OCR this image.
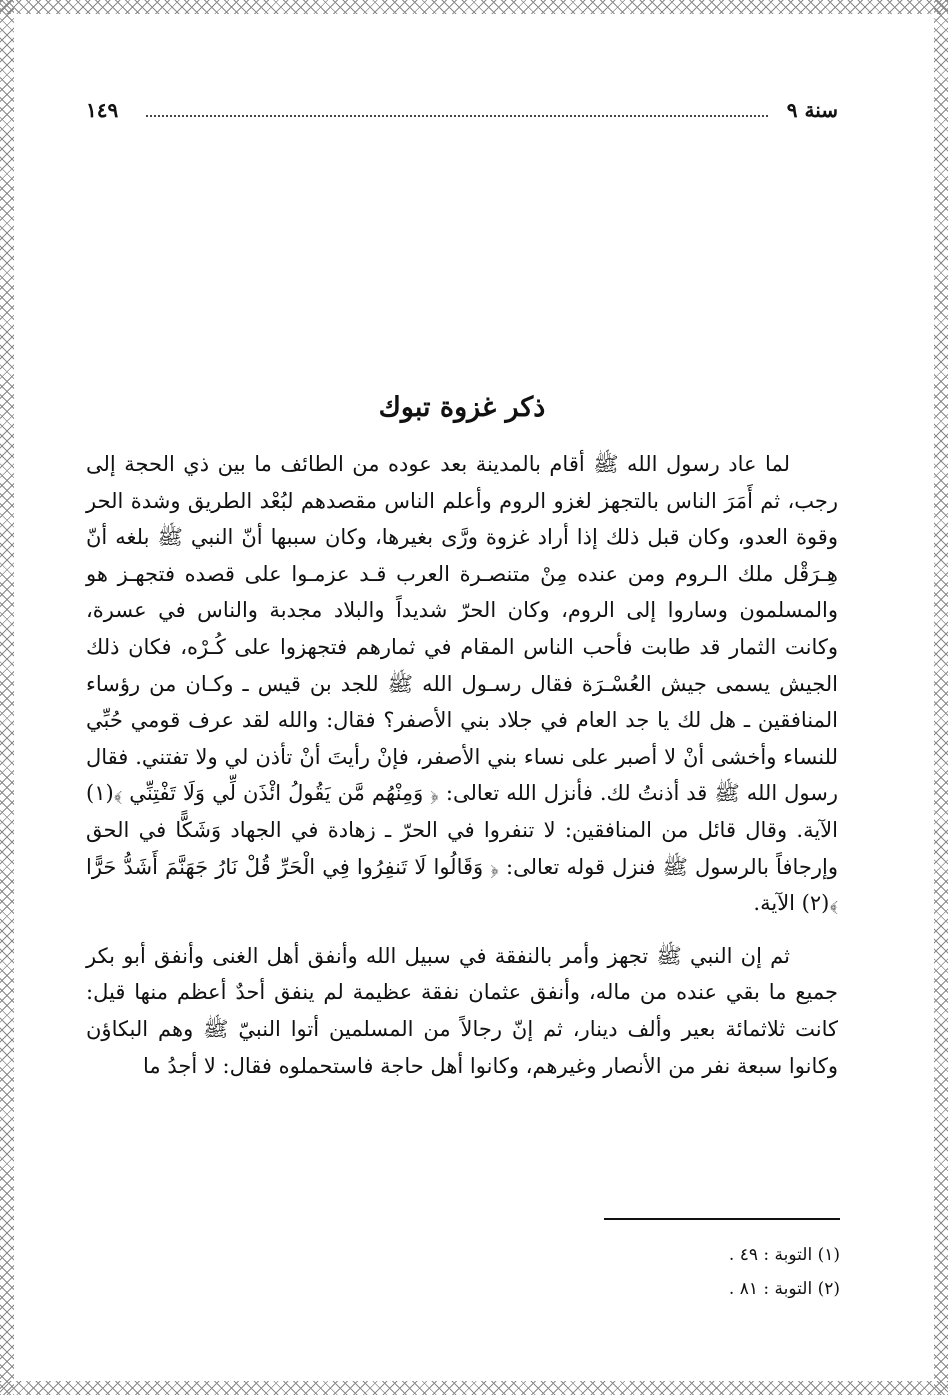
سنة ٩
١٤٩
ذكر غزوة تبوك

لما عاد رسول الله ﷺ أقام بالمدينة بعد عوده من الطائف ما بين ذي الحجة إلى رجب، ثم أَمَرَ الناس بالتجهز لغزو الروم وأعلم الناس مقصدهم لبُعْد الطريق وشدة الحر وقوة العدو، وكان قبل ذلك إذا أراد غزوة ورَّى بغيرها، وكان سببها أنّ النبي ﷺ بلغه أنّ هِـرَقْل ملك الـروم ومن عنده مِنْ متنصـرة العرب قـد عزمـوا على قصده فتجهـز هو والمسلمون وساروا إلى الروم، وكان الحرّ شديداً والبلاد مجدبة والناس في عسرة، وكانت الثمار قد طابت فأحب الناس المقام في ثمارهم فتجهزوا على كُـرْه، فكان ذلك الجيش يسمى جيش العُسْـرَة فقال رسـول الله ﷺ للجد بن قيس ـ وكـان من رؤساء المنافقين ـ هل لك يا جد العام في جلاد بني الأصفر؟ فقال: والله لقد عرف قومي حُبِّي للنساء وأخشى أنْ لا أصبر على نساء بني الأصفر، فإنْ رأيتَ أنْ تأذن لي ولا تفتني. فقال رسول الله ﷺ قد أذنتُ لك. فأنزل الله تعالى: ﴿ وَمِنْهُم مَّن يَقُولُ ائْذَن لِّي وَلَا تَفْتِنِّي ﴾(١) الآية. وقال قائل من المنافقين: لا تنفروا في الحرّ ـ زهادة في الجهاد وَشَكًّا في الحق وإرجافاً بالرسول ﷺ فنزل قوله تعالى: ﴿ وَقَالُوا لَا تَنفِرُوا فِي الْحَرِّ قُلْ نَارُ جَهَنَّمَ أَشَدُّ حَرًّا ﴾(٢) الآية.

ثم إن النبي ﷺ تجهز وأمر بالنفقة في سبيل الله وأنفق أهل الغنى وأنفق أبو بكر جميع ما بقي عنده من ماله، وأنفق عثمان نفقة عظيمة لم ينفق أحدٌ أعظم منها قيل: كانت ثلاثمائة بعير وألف دينار، ثم إنّ رجالاً من المسلمين أتوا النبيّ ﷺ وهم البكاؤن وكانوا سبعة نفر من الأنصار وغيرهم، وكانوا أهل حاجة فاستحملوه فقال: لا أجدُ ما

(١) التوبة : ٤٩ .

(٢) التوبة : ٨١ .
